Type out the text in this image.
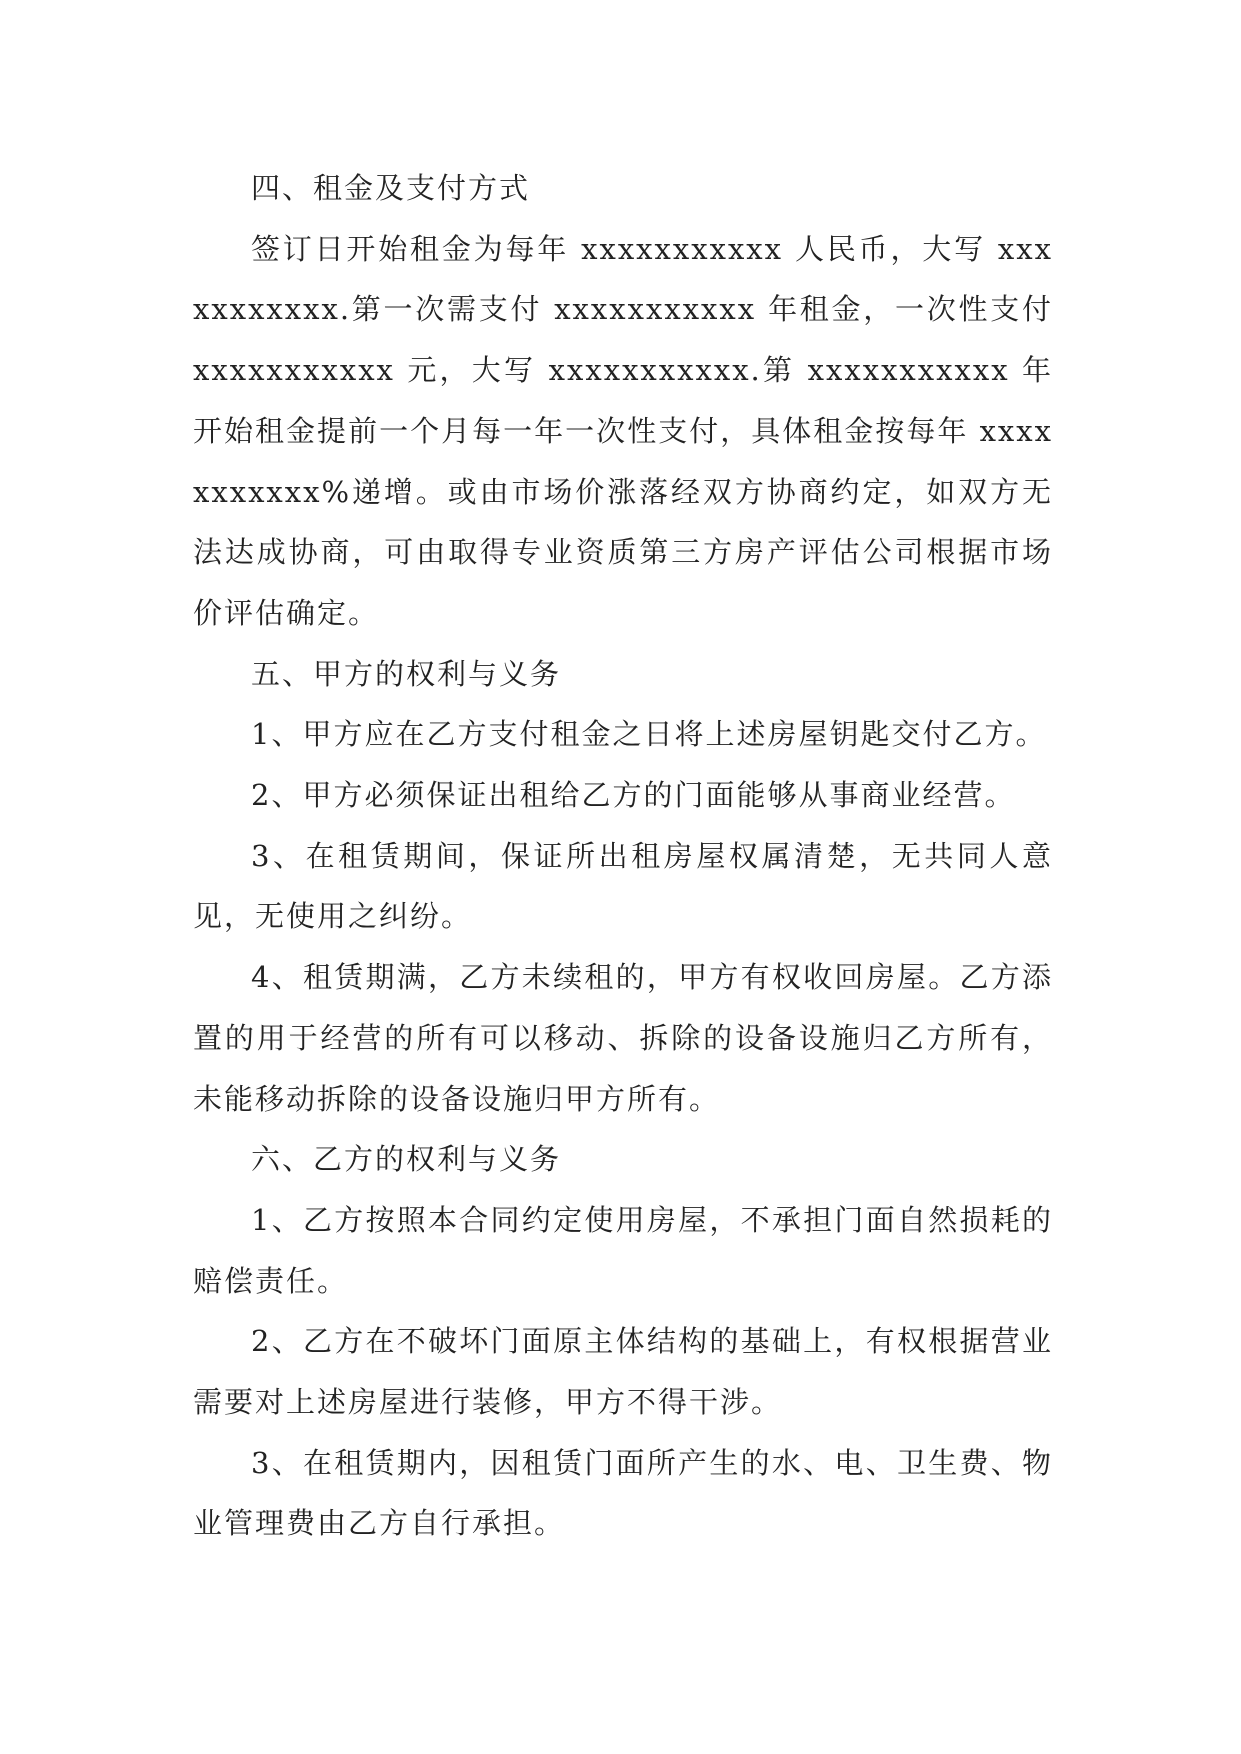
四、租金及支付方式

签订日开始租金为每年 xxxxxxxxxxx 人民币，大写 xxxxxxxxxxx.第一次需支付 xxxxxxxxxxx 年租金，一次性支付 xxxxxxxxxxx 元，大写 xxxxxxxxxxx.第 xxxxxxxxxxx 年开始租金提前一个月每一年一次性支付，具体租金按每年 xxxxxxxxxxx%递增。或由市场价涨落经双方协商约定，如双方无法达成协商，可由取得专业资质第三方房产评估公司根据市场价评估确定。

五、甲方的权利与义务

1、甲方应在乙方支付租金之日将上述房屋钥匙交付乙方。

2、甲方必须保证出租给乙方的门面能够从事商业经营。

3、在租赁期间，保证所出租房屋权属清楚，无共同人意见，无使用之纠纷。

4、租赁期满，乙方未续租的，甲方有权收回房屋。乙方添置的用于经营的所有可以移动、拆除的设备设施归乙方所有，未能移动拆除的设备设施归甲方所有。

六、乙方的权利与义务

1、乙方按照本合同约定使用房屋，不承担门面自然损耗的赔偿责任。

2、乙方在不破坏门面原主体结构的基础上，有权根据营业需要对上述房屋进行装修，甲方不得干涉。

3、在租赁期内，因租赁门面所产生的水、电、卫生费、物业管理费由乙方自行承担。
